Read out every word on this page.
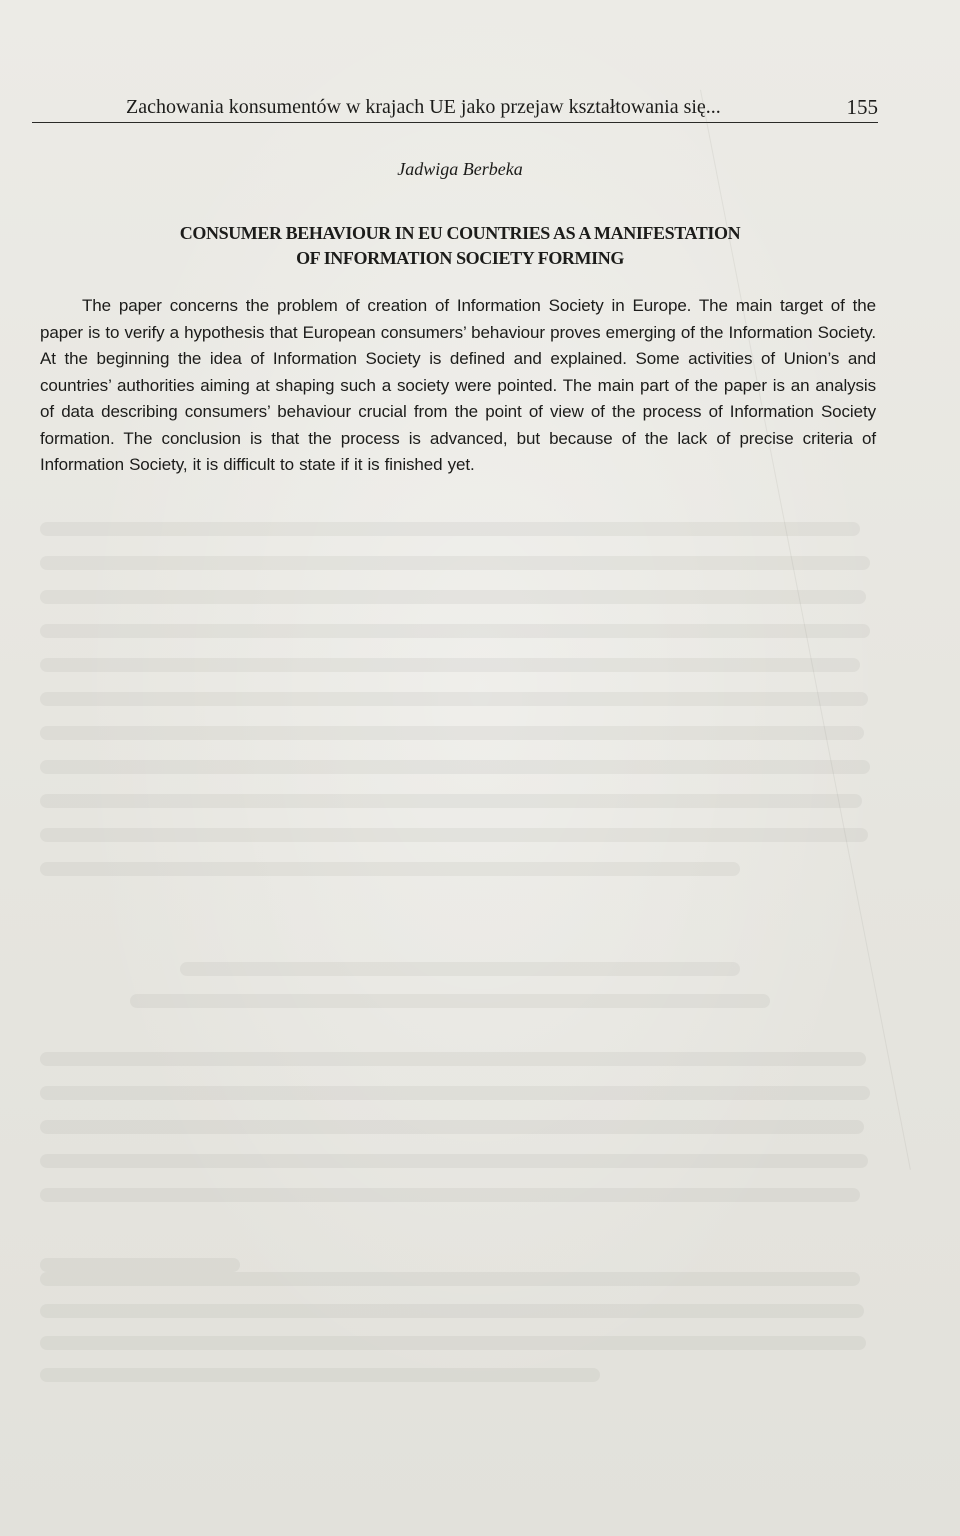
Zachowania konsumentów w krajach UE jako przejaw kształtowania się...	155
Jadwiga Berbeka
CONSUMER BEHAVIOUR IN EU COUNTRIES AS A MANIFESTATION
OF INFORMATION SOCIETY FORMING
The paper concerns the problem of creation of Information Society in Europe. The main target of the paper is to verify a hypothesis that European consumers’ behaviour proves emerging of the Information Society. At the beginning the idea of Information Society is defined and explained. Some activities of Union’s and countries’ authorities aiming at shaping such a society were pointed. The main part of the paper is an analysis of data describing consumers’ behaviour crucial from the point of view of the process of Information Society formation. The conclusion is that the process is advanced, but because of the lack of precise criteria of Information Society, it is difficult to state if it is finished yet.
